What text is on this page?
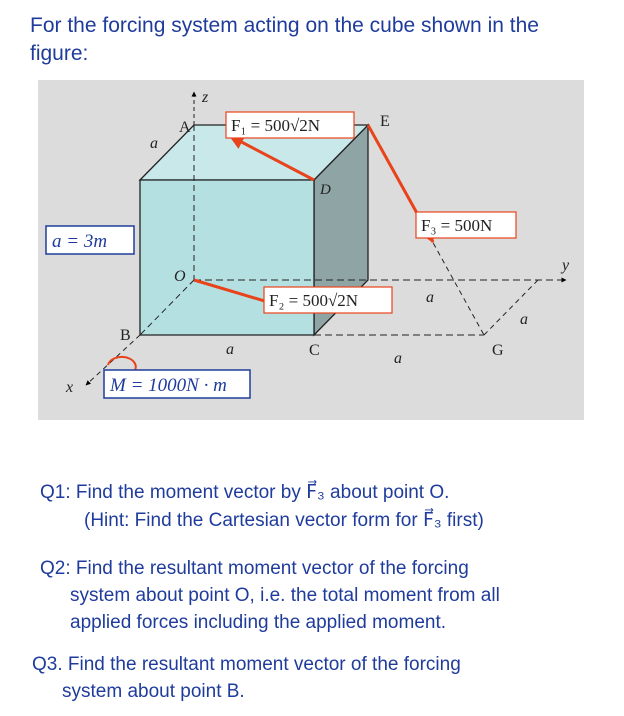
For the forcing system acting on the cube shown in the figure:
A	E
D
O
B
C	G
z
y
x
a
a
a
a
a
a = 3m
F₁ = 500√2N
F₂ = 500√2N
F₃ = 500N
M = 1000N · m
Q1: Find the moment vector by F⃗₃ about point O.
(Hint: Find the Cartesian vector form for F⃗₃ first)
Q2: Find the resultant moment vector of the forcing
system about point O, i.e. the total moment from all
applied forces including the applied moment.
Q3. Find the resultant moment vector of the forcing
system about point B.
